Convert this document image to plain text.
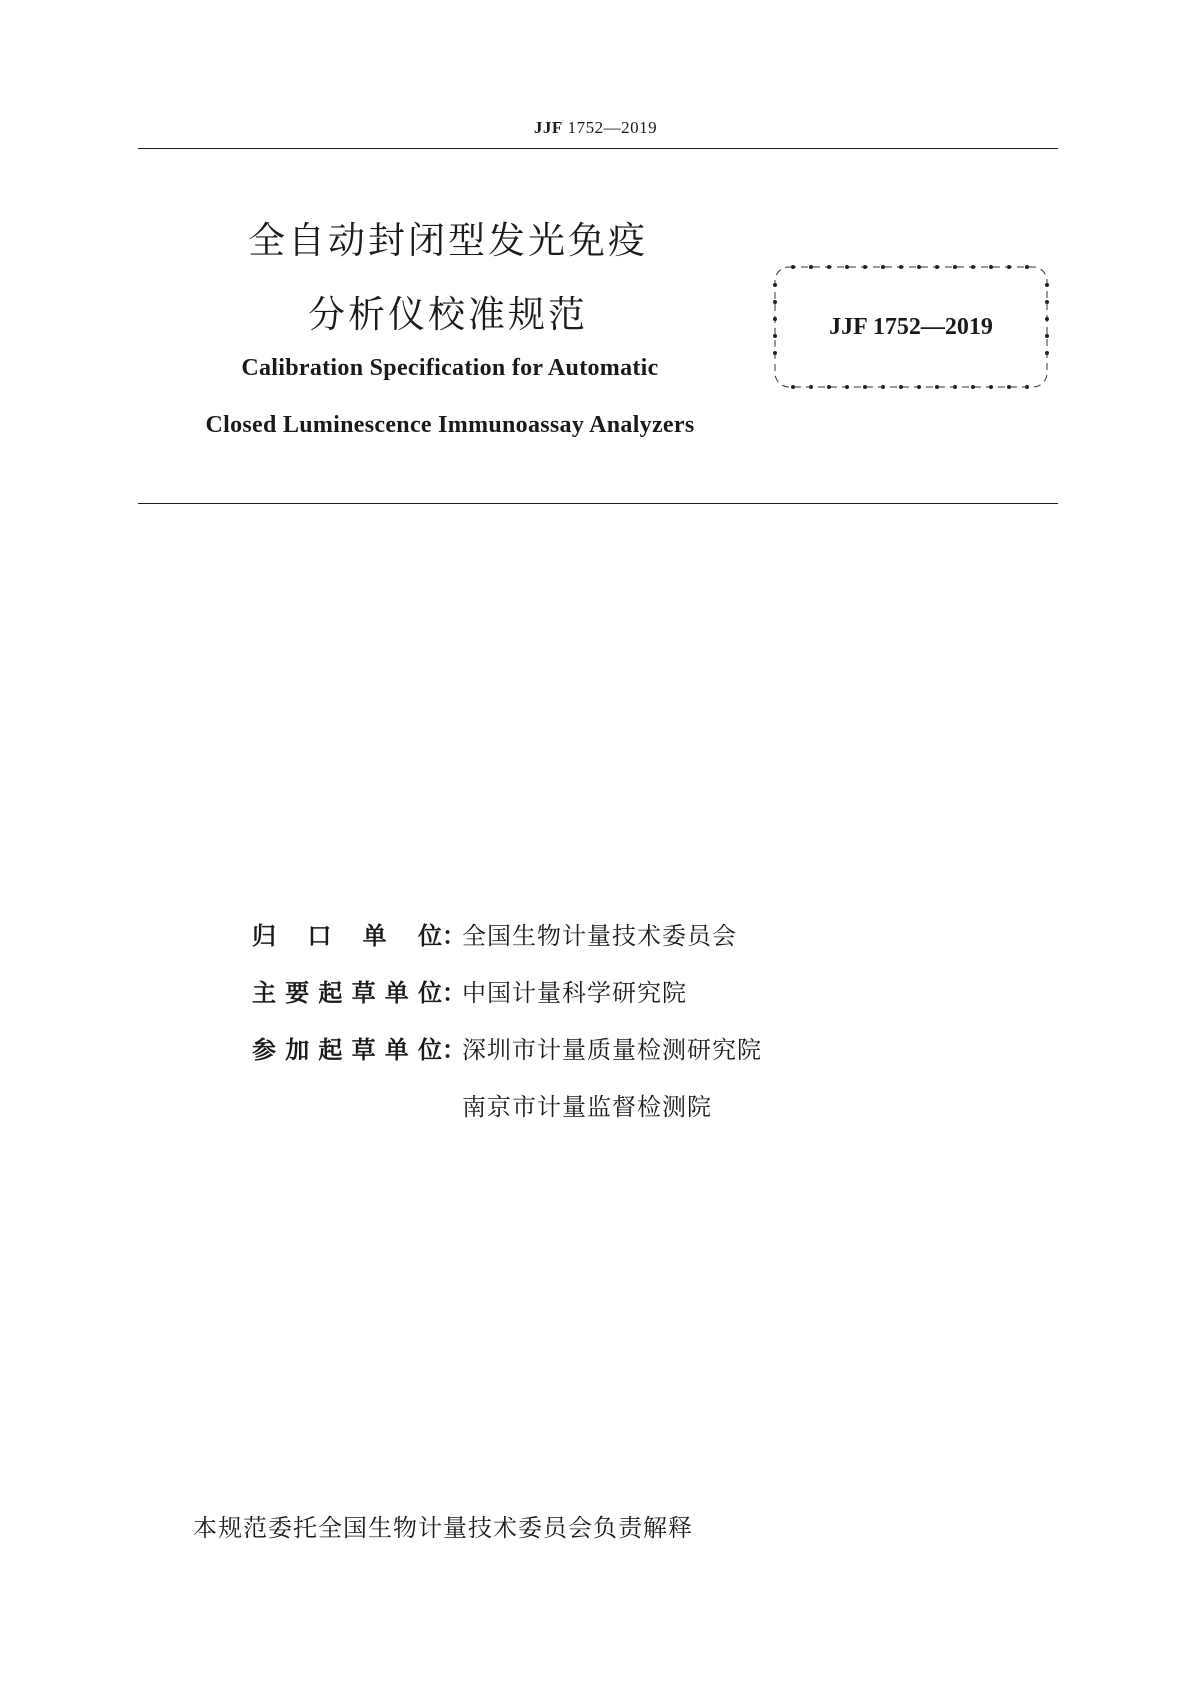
JJF 1752—2019
全自动封闭型发光免疫
分析仪校准规范
Calibration Specification for Automatic
Closed Luminescence Immunoassay Analyzers
JJF 1752—2019
归 口 单 位 ：
全国生物计量技术委员会
主 要 起 草 单 位 ：
中国计量科学研究院
参 加 起 草 单 位 ：
深圳市计量质量检测研究院
南京市计量监督检测院
本规范委托全国生物计量技术委员会负责解释
